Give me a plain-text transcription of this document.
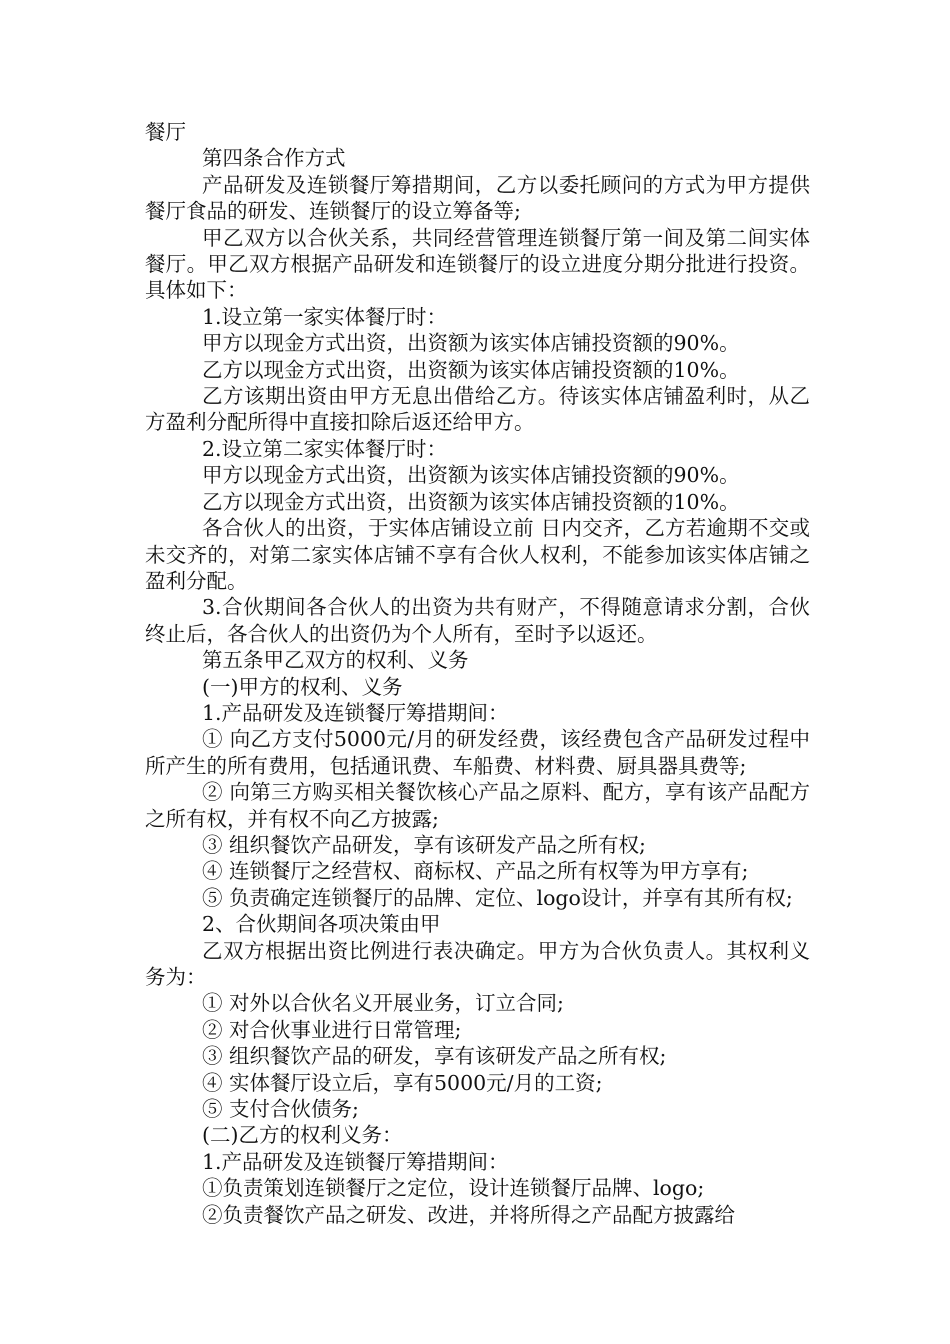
餐厅

第四条合作方式

产品研发及连锁餐厅筹措期间，乙方以委托顾问的方式为甲方提供餐厅食品的研发、连锁餐厅的设立筹备等;

甲乙双方以合伙关系，共同经营管理连锁餐厅第一间及第二间实体餐厅。甲乙双方根据产品研发和连锁餐厅的设立进度分期分批进行投资。具体如下：

1.设立第一家实体餐厅时：

甲方以现金方式出资，出资额为该实体店铺投资额的90%。

乙方以现金方式出资，出资额为该实体店铺投资额的10%。

乙方该期出资由甲方无息出借给乙方。待该实体店铺盈利时，从乙方盈利分配所得中直接扣除后返还给甲方。

2.设立第二家实体餐厅时：

甲方以现金方式出资，出资额为该实体店铺投资额的90%。

乙方以现金方式出资，出资额为该实体店铺投资额的10%。

各合伙人的出资，于实体店铺设立前 日内交齐，乙方若逾期不交或未交齐的，对第二家实体店铺不享有合伙人权利，不能参加该实体店铺之盈利分配。

3.合伙期间各合伙人的出资为共有财产，不得随意请求分割，合伙终止后，各合伙人的出资仍为个人所有，至时予以返还。

第五条甲乙双方的权利、义务

(一)甲方的权利、义务

1.产品研发及连锁餐厅筹措期间：

① 向乙方支付5000元/月的研发经费，该经费包含产品研发过程中所产生的所有费用，包括通讯费、车船费、材料费、厨具器具费等;

② 向第三方购买相关餐饮核心产品之原料、配方，享有该产品配方之所有权，并有权不向乙方披露;

③ 组织餐饮产品研发，享有该研发产品之所有权;

④ 连锁餐厅之经营权、商标权、产品之所有权等为甲方享有;

⑤ 负责确定连锁餐厅的品牌、定位、logo设计，并享有其所有权;

2、合伙期间各项决策由甲

乙双方根据出资比例进行表决确定。甲方为合伙负责人。其权利义务为：

① 对外以合伙名义开展业务，订立合同;

② 对合伙事业进行日常管理;

③ 组织餐饮产品的研发，享有该研发产品之所有权;

④ 实体餐厅设立后，享有5000元/月的工资;

⑤ 支付合伙债务;

(二)乙方的权利义务：

1.产品研发及连锁餐厅筹措期间：

①负责策划连锁餐厅之定位，设计连锁餐厅品牌、logo;

②负责餐饮产品之研发、改进，并将所得之产品配方披露给
